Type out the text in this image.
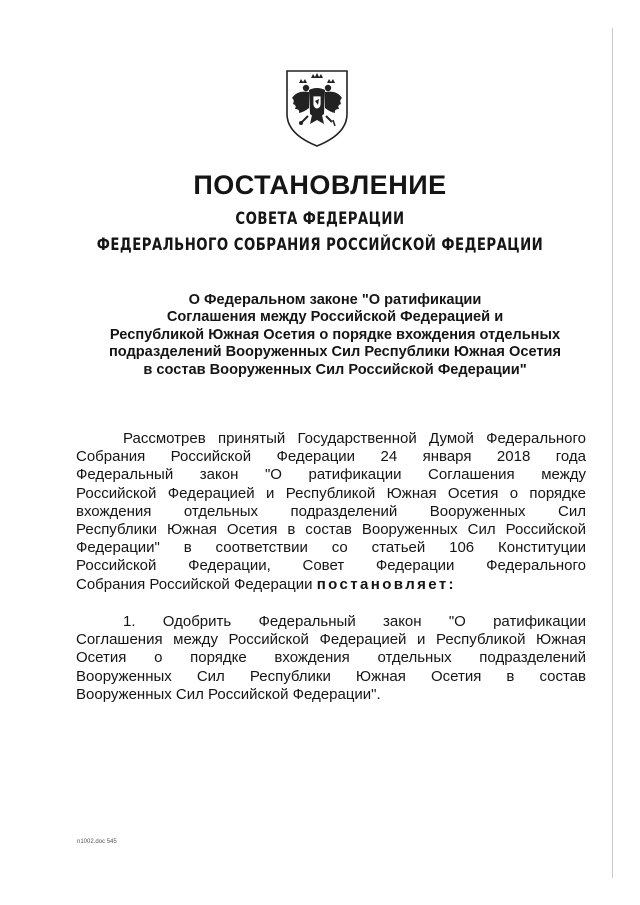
ПОСТАНОВЛЕНИЕ
СОВЕТА ФЕДЕРАЦИИ
ФЕДЕРАЛЬНОГО СОБРАНИЯ РОССИЙСКОЙ ФЕДЕРАЦИИ
О Федеральном законе "О ратификации
Соглашения между Российской Федерацией и
Республикой Южная Осетия о порядке вхождения отдельных
подразделений Вооруженных Сил Республики Южная Осетия
в состав Вооруженных Сил Российской Федерации"
Рассмотрев принятый Государственной Думой Федерального
Собрания Российской Федерации 24 января 2018 года
Федеральный закон "О ратификации Соглашения между
Российской Федерацией и Республикой Южная Осетия о порядке
вхождения отдельных подразделений Вооруженных Сил
Республики Южная Осетия в состав Вооруженных Сил Российской
Федерации" в соответствии со статьей 106 Конституции
Российской Федерации, Совет Федерации Федерального
Собрания Российской Федерации постановляет:
1. Одобрить Федеральный закон "О ратификации
Соглашения между Российской Федерацией и Республикой Южная
Осетия о порядке вхождения отдельных подразделений
Вооруженных Сил Республики Южная Осетия в состав
Вооруженных Сил Российской Федерации".
n1002.doc 545
